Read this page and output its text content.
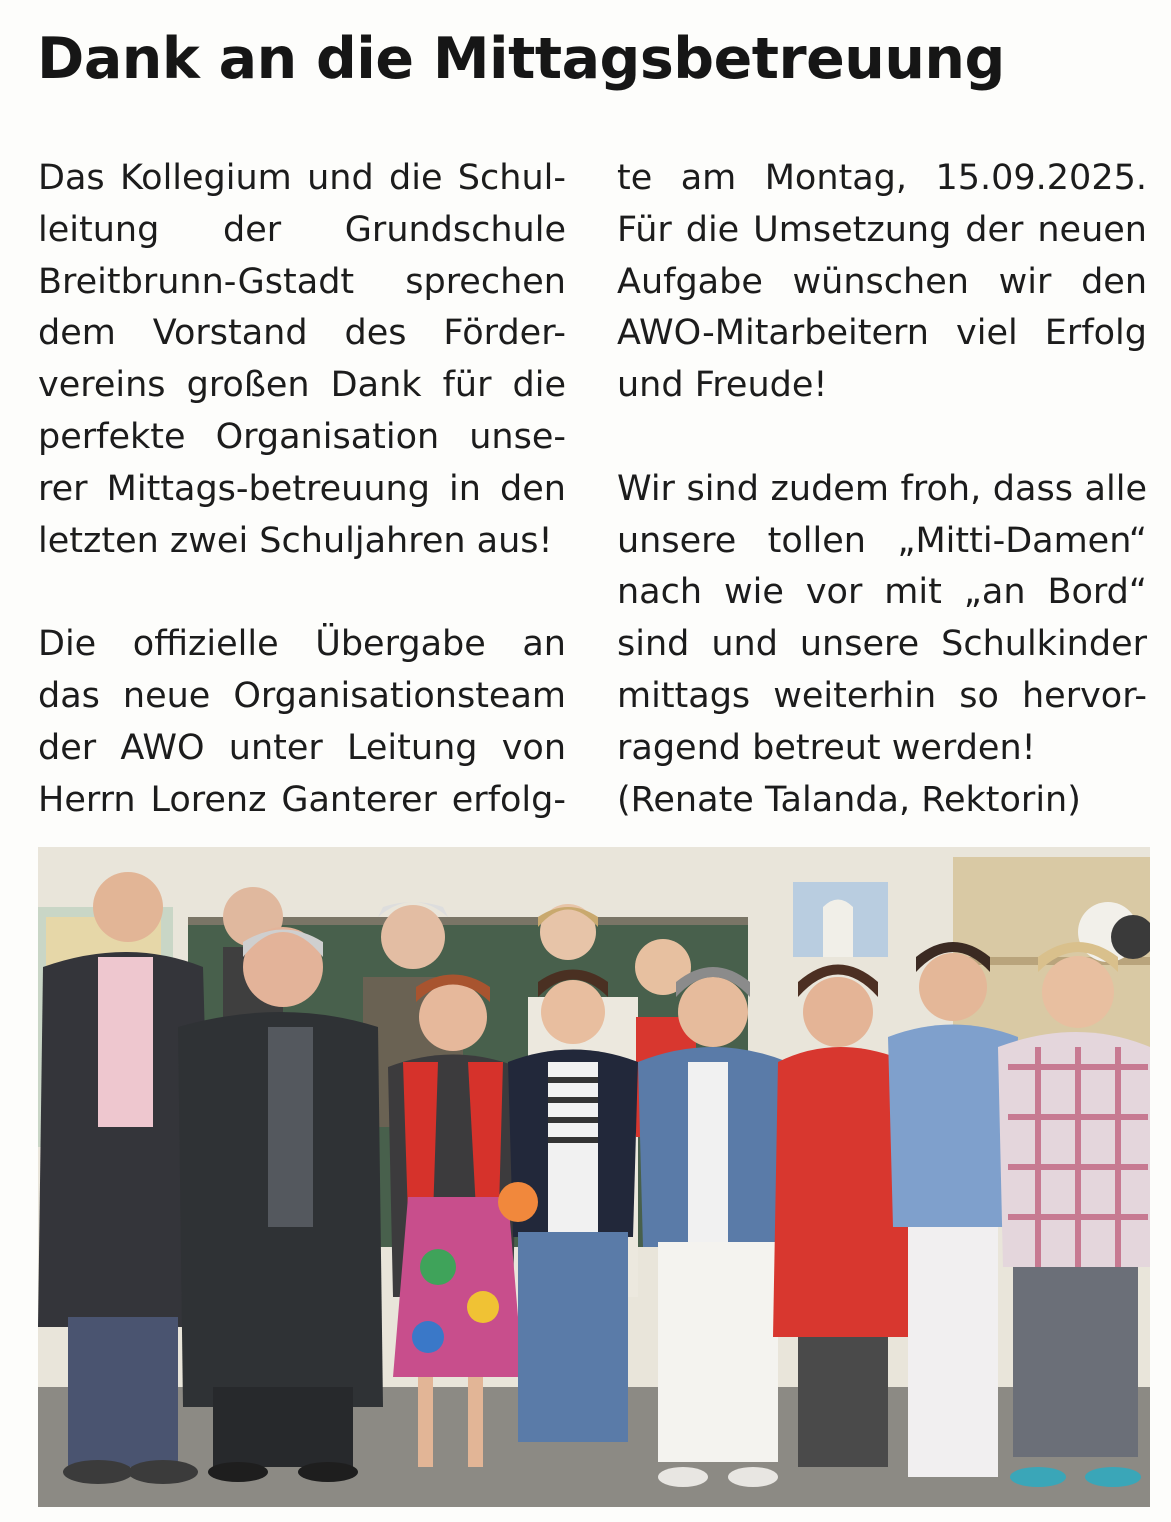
Dank an die Mittagsbetreuung

Das Kollegium und die Schul-
leitung der Grundschule
Breitbrunn-Gstadt sprechen
dem Vorstand des Förder-
vereins großen Dank für die
perfekte Organisation unse-
rer Mittags-betreuung in den
letzten zwei Schuljahren aus!

Die offizielle Übergabe an
das neue Organisationsteam
der AWO unter Leitung von
Herrn Lorenz Ganterer erfolg-

te am Montag, 15.09.2025.
Für die Umsetzung der neuen
Aufgabe wünschen wir den
AWO-Mitarbeitern viel Erfolg
und Freude!

Wir sind zudem froh, dass alle
unsere tollen „Mitti-Damen“
nach wie vor mit „an Bord“
sind und unsere Schulkinder
mittags weiterhin so hervor-
ragend betreut werden!
(Renate Talanda, Rektorin)
